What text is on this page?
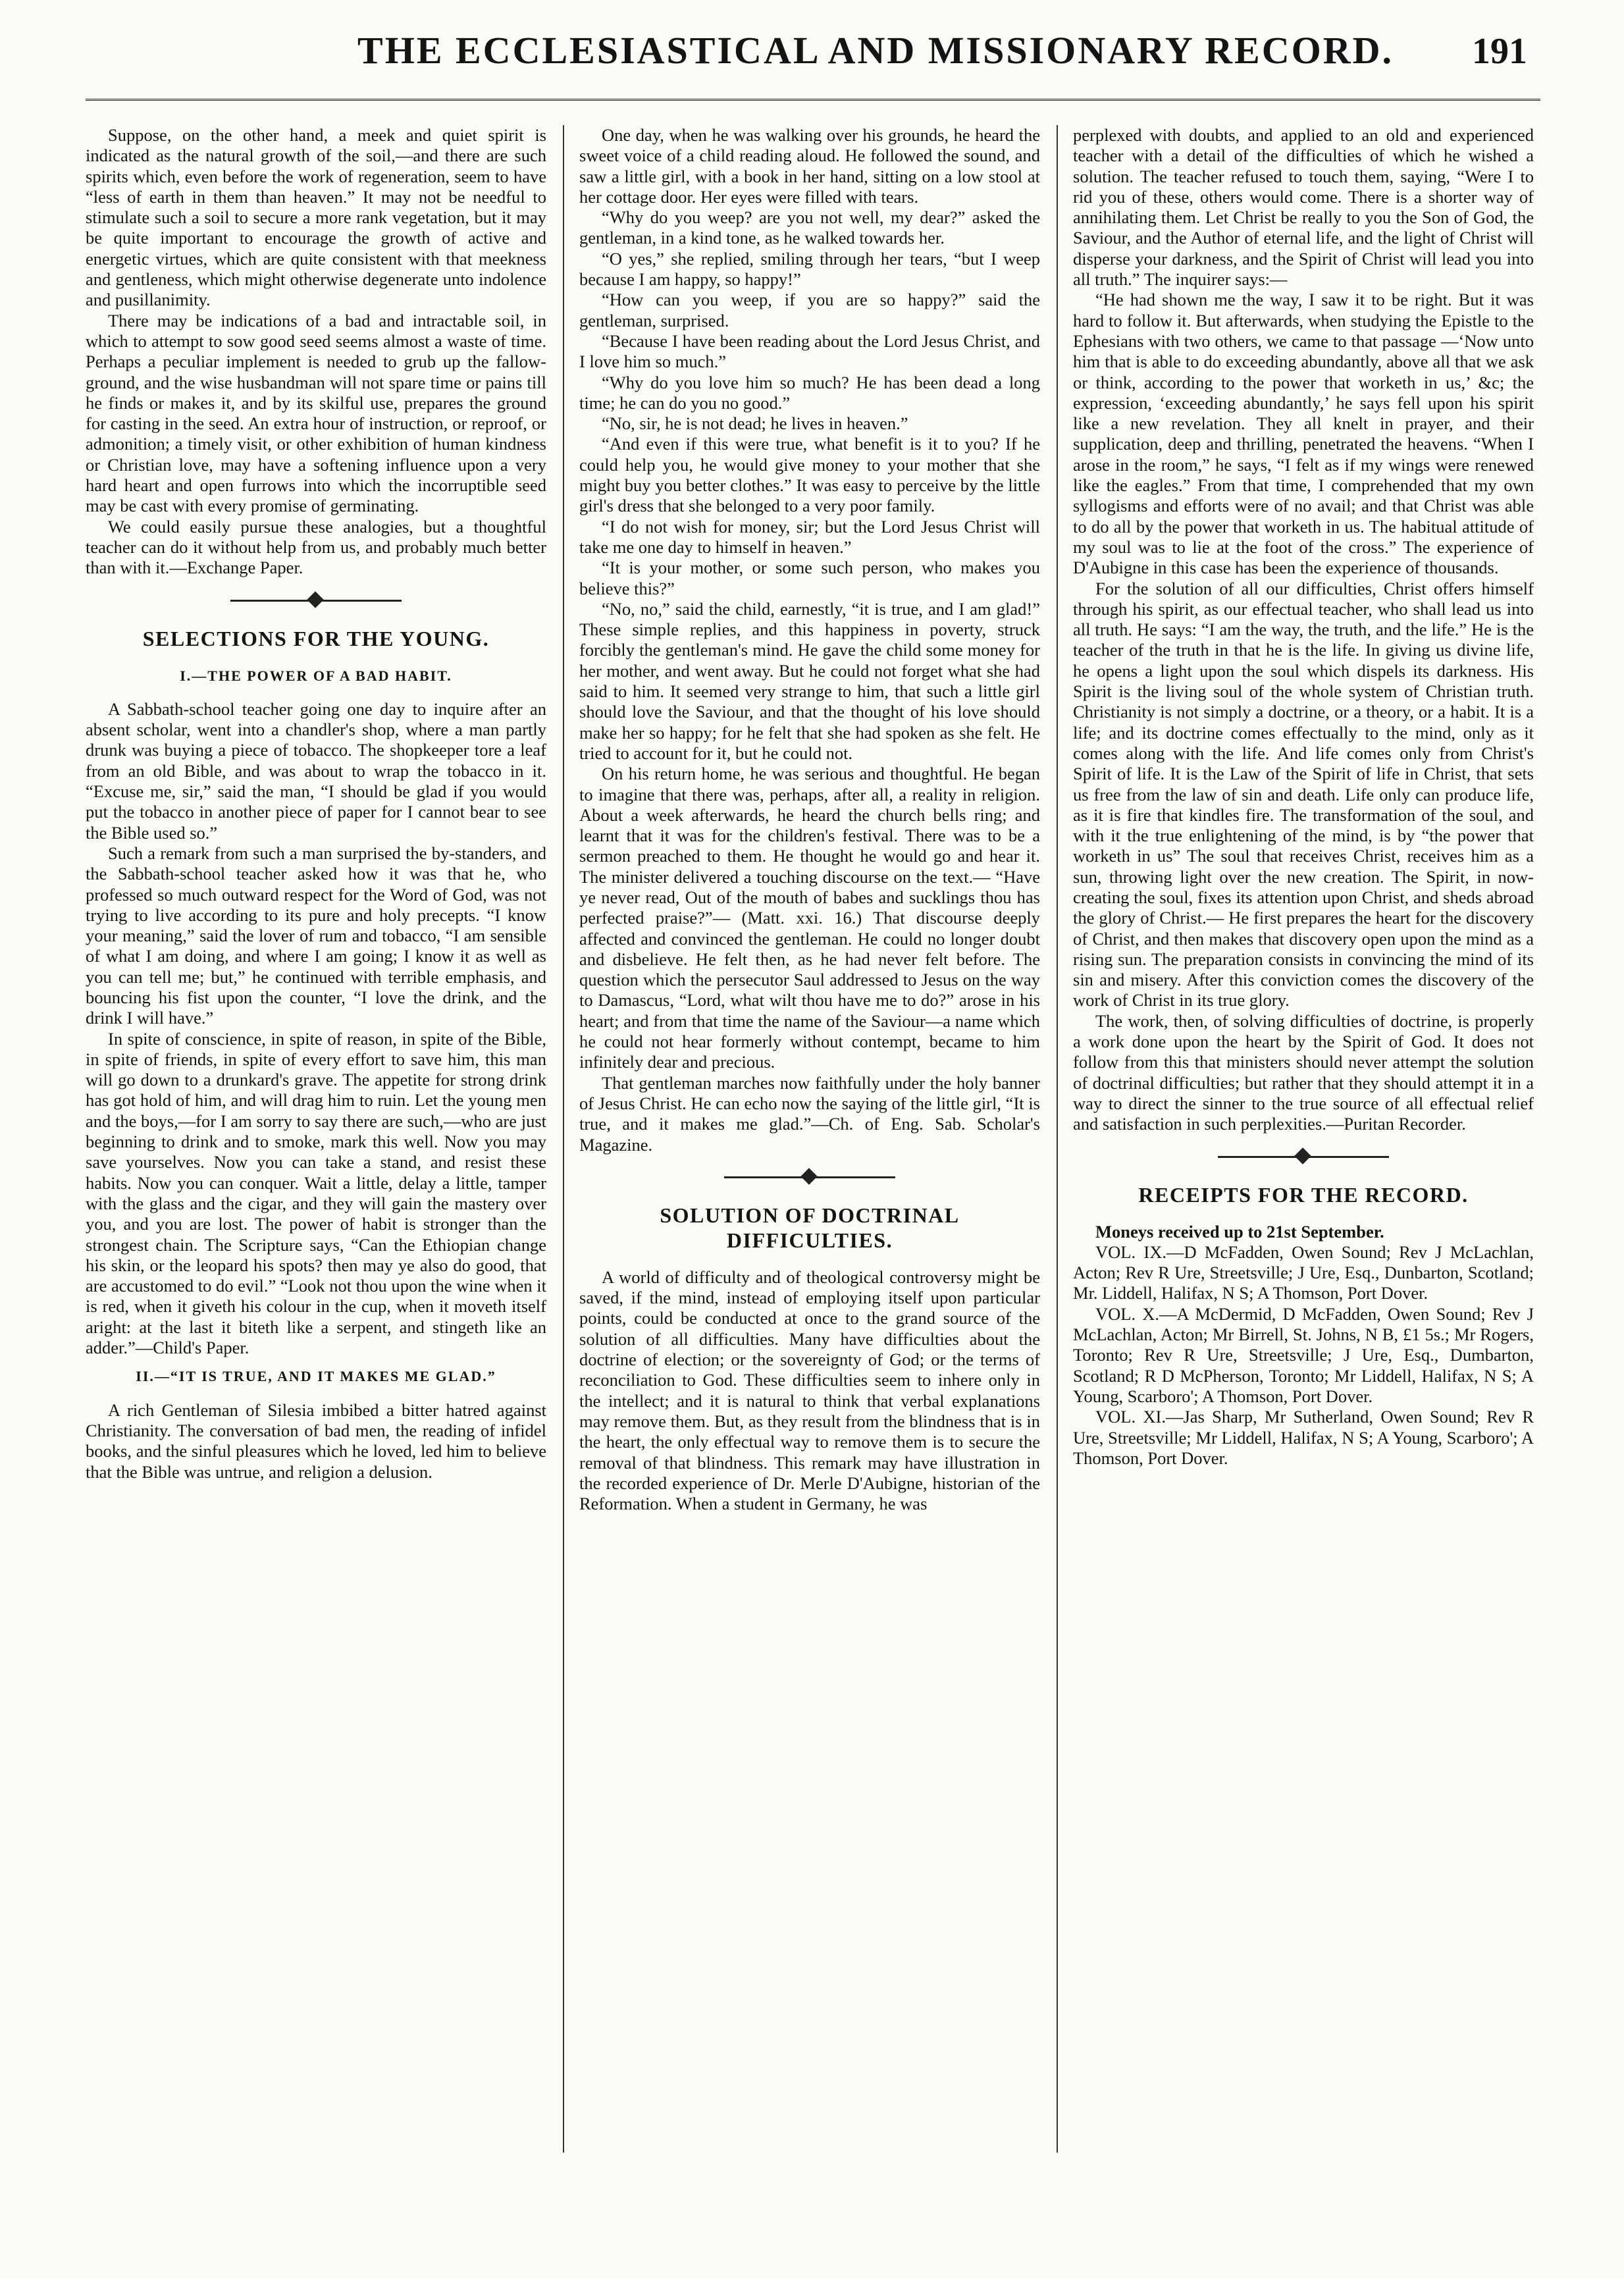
THE ECCLESIASTICAL AND MISSIONARY RECORD.	191

Suppose, on the other hand, a meek and quiet spirit is indicated as the natural growth of the soil,—and there are such spirits which, even before the work of regeneration, seem to have “less of earth in them than heaven.” It may not be needful to stimulate such a soil to secure a more rank vegetation, but it may be quite important to encourage the growth of active and energetic virtues, which are quite consistent with that meekness and gentleness, which might otherwise degenerate unto indolence and pusillanimity.

There may be indications of a bad and intractable soil, in which to attempt to sow good seed seems almost a waste of time. Perhaps a peculiar implement is needed to grub up the fallow-ground, and the wise husbandman will not spare time or pains till he finds or makes it, and by its skilful use, prepares the ground for casting in the seed. An extra hour of instruction, or reproof, or admonition; a timely visit, or other exhibition of human kindness or Christian love, may have a softening influence upon a very hard heart and open furrows into which the incorruptible seed may be cast with every promise of germinating.

We could easily pursue these analogies, but a thoughtful teacher can do it without help from us, and probably much better than with it.—Exchange Paper.

SELECTIONS FOR THE YOUNG.
I.—THE POWER OF A BAD HABIT.

A Sabbath-school teacher going one day to inquire after an absent scholar, went into a chandler's shop, where a man partly drunk was buying a piece of tobacco. The shopkeeper tore a leaf from an old Bible, and was about to wrap the tobacco in it. “Excuse me, sir,” said the man, “I should be glad if you would put the tobacco in another piece of paper for I cannot bear to see the Bible used so.”

Such a remark from such a man surprised the by-standers, and the Sabbath-school teacher asked how it was that he, who professed so much outward respect for the Word of God, was not trying to live according to its pure and holy precepts. “I know your meaning,” said the lover of rum and tobacco, “I am sensible of what I am doing, and where I am going; I know it as well as you can tell me; but,” he continued with terrible emphasis, and bouncing his fist upon the counter, “I love the drink, and the drink I will have.”

In spite of conscience, in spite of reason, in spite of the Bible, in spite of friends, in spite of every effort to save him, this man will go down to a drunkard's grave. The appetite for strong drink has got hold of him, and will drag him to ruin. Let the young men and the boys,—for I am sorry to say there are such,—who are just beginning to drink and to smoke, mark this well. Now you may save yourselves. Now you can take a stand, and resist these habits. Now you can conquer. Wait a little, delay a little, tamper with the glass and the cigar, and they will gain the mastery over you, and you are lost. The power of habit is stronger than the strongest chain. The Scripture says, “Can the Ethiopian change his skin, or the leopard his spots? then may ye also do good, that are accustomed to do evil.” “Look not thou upon the wine when it is red, when it giveth his colour in the cup, when it moveth itself aright: at the last it biteth like a serpent, and stingeth like an adder.”—Child's Paper.

II.—“IT IS TRUE, AND IT MAKES ME GLAD.”

A rich Gentleman of Silesia imbibed a bitter hatred against Christianity. The conversation of bad men, the reading of infidel books, and the sinful pleasures which he loved, led him to believe that the Bible was untrue, and religion a delusion.

One day, when he was walking over his grounds, he heard the sweet voice of a child reading aloud. He followed the sound, and saw a little girl, with a book in her hand, sitting on a low stool at her cottage door. Her eyes were filled with tears.

“Why do you weep? are you not well, my dear?” asked the gentleman, in a kind tone, as he walked towards her.

“O yes,” she replied, smiling through her tears, “but I weep because I am happy, so happy!”

“How can you weep, if you are so happy?” said the gentleman, surprised.

“Because I have been reading about the Lord Jesus Christ, and I love him so much.”

“Why do you love him so much? He has been dead a long time; he can do you no good.”

“No, sir, he is not dead; he lives in heaven.”

“And even if this were true, what benefit is it to you? If he could help you, he would give money to your mother that she might buy you better clothes.” It was easy to perceive by the little girl's dress that she belonged to a very poor family.

“I do not wish for money, sir; but the Lord Jesus Christ will take me one day to himself in heaven.”

“It is your mother, or some such person, who makes you believe this?”

“No, no,” said the child, earnestly, “it is true, and I am glad!” These simple replies, and this happiness in poverty, struck forcibly the gentleman's mind. He gave the child some money for her mother, and went away. But he could not forget what she had said to him. It seemed very strange to him, that such a little girl should love the Saviour, and that the thought of his love should make her so happy; for he felt that she had spoken as she felt. He tried to account for it, but he could not.

On his return home, he was serious and thoughtful. He began to imagine that there was, perhaps, after all, a reality in religion. About a week afterwards, he heard the church bells ring; and learnt that it was for the children's festival. There was to be a sermon preached to them. He thought he would go and hear it. The minister delivered a touching discourse on the text.— “Have ye never read, Out of the mouth of babes and sucklings thou has perfected praise?”— (Matt. xxi. 16.) That discourse deeply affected and convinced the gentleman. He could no longer doubt and disbelieve. He felt then, as he had never felt before. The question which the persecutor Saul addressed to Jesus on the way to Damascus, “Lord, what wilt thou have me to do?” arose in his heart; and from that time the name of the Saviour—a name which he could not hear formerly without contempt, became to him infinitely dear and precious.

That gentleman marches now faithfully under the holy banner of Jesus Christ. He can echo now the saying of the little girl, “It is true, and it makes me glad.”—Ch. of Eng. Sab. Scholar's Magazine.

SOLUTION OF DOCTRINAL DIFFICULTIES.

A world of difficulty and of theological controversy might be saved, if the mind, instead of employing itself upon particular points, could be conducted at once to the grand source of the solution of all difficulties. Many have difficulties about the doctrine of election; or the sovereignty of God; or the terms of reconciliation to God. These difficulties seem to inhere only in the intellect; and it is natural to think that verbal explanations may remove them. But, as they result from the blindness that is in the heart, the only effectual way to remove them is to secure the removal of that blindness. This remark may have illustration in the recorded experience of Dr. Merle D'Aubigne, historian of the Reformation. When a student in Germany, he was

perplexed with doubts, and applied to an old and experienced teacher with a detail of the difficulties of which he wished a solution. The teacher refused to touch them, saying, “Were I to rid you of these, others would come. There is a shorter way of annihilating them. Let Christ be really to you the Son of God, the Saviour, and the Author of eternal life, and the light of Christ will disperse your darkness, and the Spirit of Christ will lead you into all truth.” The inquirer says:—

“He had shown me the way, I saw it to be right. But it was hard to follow it. But afterwards, when studying the Epistle to the Ephesians with two others, we came to that passage —‘Now unto him that is able to do exceeding abundantly, above all that we ask or think, according to the power that worketh in us,’ &c; the expression, ‘exceeding abundantly,’ he says fell upon his spirit like a new revelation. They all knelt in prayer, and their supplication, deep and thrilling, penetrated the heavens. “When I arose in the room,” he says, “I felt as if my wings were renewed like the eagles.” From that time, I comprehended that my own syllogisms and efforts were of no avail; and that Christ was able to do all by the power that worketh in us. The habitual attitude of my soul was to lie at the foot of the cross.” The experience of D'Aubigne in this case has been the experience of thousands.

For the solution of all our difficulties, Christ offers himself through his spirit, as our effectual teacher, who shall lead us into all truth. He says: “I am the way, the truth, and the life.” He is the teacher of the truth in that he is the life. In giving us divine life, he opens a light upon the soul which dispels its darkness. His Spirit is the living soul of the whole system of Christian truth. Christianity is not simply a doctrine, or a theory, or a habit. It is a life; and its doctrine comes effectually to the mind, only as it comes along with the life. And life comes only from Christ's Spirit of life. It is the Law of the Spirit of life in Christ, that sets us free from the law of sin and death. Life only can produce life, as it is fire that kindles fire. The transformation of the soul, and with it the true enlightening of the mind, is by “the power that worketh in us” The soul that receives Christ, receives him as a sun, throwing light over the new creation. The Spirit, in now-creating the soul, fixes its attention upon Christ, and sheds abroad the glory of Christ.— He first prepares the heart for the discovery of Christ, and then makes that discovery open upon the mind as a rising sun. The preparation consists in convincing the mind of its sin and misery. After this conviction comes the discovery of the work of Christ in its true glory.

The work, then, of solving difficulties of doctrine, is properly a work done upon the heart by the Spirit of God. It does not follow from this that ministers should never attempt the solution of doctrinal difficulties; but rather that they should attempt it in a way to direct the sinner to the true source of all effectual relief and satisfaction in such perplexities.—Puritan Recorder.

RECEIPTS FOR THE RECORD.

Moneys received up to 21st September.

VOL. IX.—D McFadden, Owen Sound; Rev J McLachlan, Acton; Rev R Ure, Streetsville; J Ure, Esq., Dunbarton, Scotland; Mr. Liddell, Halifax, N S; A Thomson, Port Dover.

VOL. X.—A McDermid, D McFadden, Owen Sound; Rev J McLachlan, Acton; Mr Birrell, St. Johns, N B, £1 5s.; Mr Rogers, Toronto; Rev R Ure, Streetsville; J Ure, Esq., Dumbarton, Scotland; R D McPherson, Toronto; Mr Liddell, Halifax, N S; A Young, Scarboro'; A Thomson, Port Dover.

VOL. XI.—Jas Sharp, Mr Sutherland, Owen Sound; Rev R Ure, Streetsville; Mr Liddell, Halifax, N S; A Young, Scarboro'; A Thomson, Port Dover.
